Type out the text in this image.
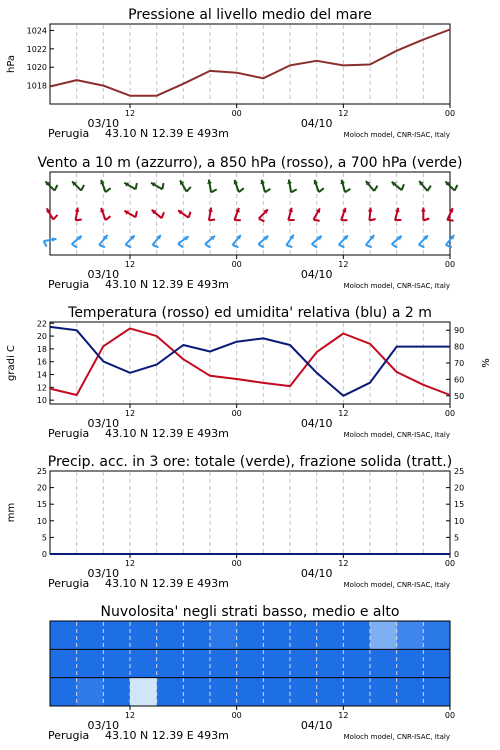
Pressione al livello medio del mare
1018
1020
1022
1024
hPa
12	00	12	00
03/10	04/10
Perugia 43.10 N 12.39 E 493m	Moloch model, CNR-ISAC, Italy
Vento a 10 m (azzurro), a 850 hPa (rosso), a 700 hPa (verde)
12	00	12	00
03/10	04/10
Perugia 43.10 N 12.39 E 493m	Moloch model, CNR-ISAC, Italy
Temperatura (rosso) ed umidita' relativa (blu) a 2 m
10
12
14
16
18
20
22
50
60
70
80
90
gradi C	%
12	00	12	00
03/10	04/10
Perugia 43.10 N 12.39 E 493m	Moloch model, CNR-ISAC, Italy
Precip. acc. in 3 ore: totale (verde), frazione solida (tratt.)
0
5
10
15
20
25
0
5
10
15
20
25
mm
12	00	12	00
03/10	04/10
Perugia 43.10 N 12.39 E 493m	Moloch model, CNR-ISAC, Italy
Nuvolosita' negli strati basso, medio e alto
12	00	12	00
03/10	04/10
Perugia 43.10 N 12.39 E 493m	Moloch model, CNR-ISAC, Italy
